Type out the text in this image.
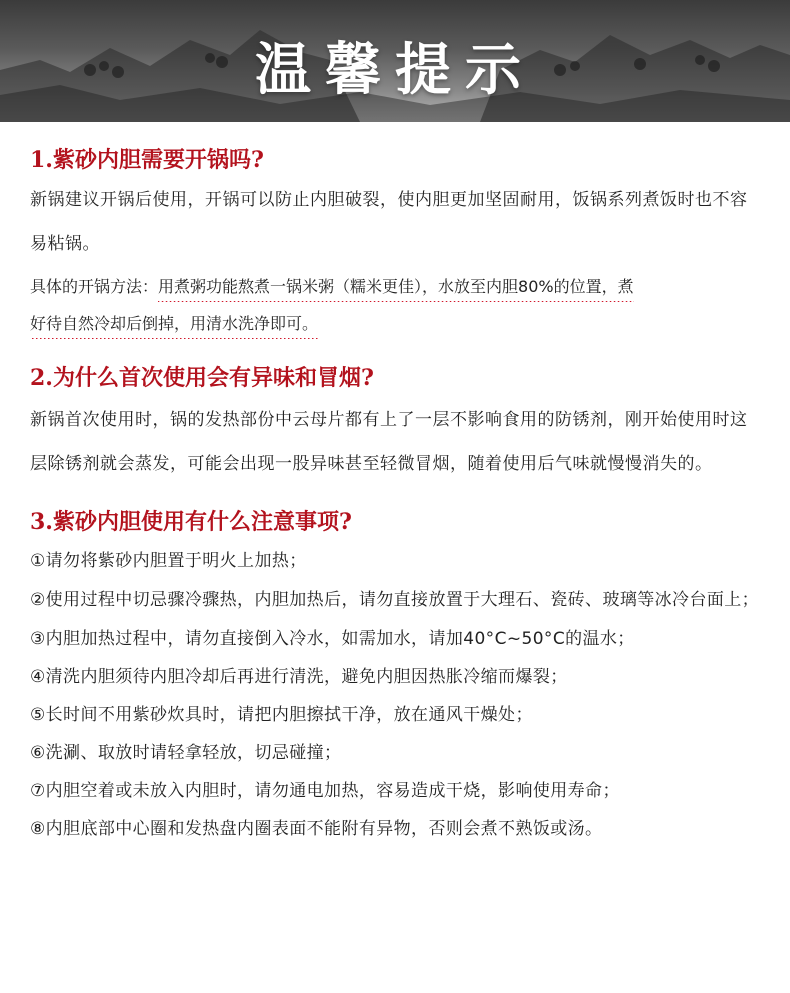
温馨提示
1.紫砂内胆需要开锅吗?

新锅建议开锅后使用，开锅可以防止内胆破裂，使内胆更加坚固耐用，饭锅系列煮饭时也不容易粘锅。

具体的开锅方法：用煮粥功能熬煮一锅米粥（糯米更佳），水放至内胆80%的位置，煮

好待自然冷却后倒掉，用清水洗净即可。

2.为什么首次使用会有异味和冒烟?

新锅首次使用时，锅的发热部份中云母片都有上了一层不影响食用的防锈剂，刚开始使用时这层除锈剂就会蒸发，可能会出现一股异味甚至轻微冒烟，随着使用后气味就慢慢消失的。

3.紫砂内胆使用有什么注意事项?

①请勿将紫砂内胆置于明火上加热；

②使用过程中切忌骤冷骤热，内胆加热后，请勿直接放置于大理石、瓷砖、玻璃等冰冷台面上；

③内胆加热过程中，请勿直接倒入冷水，如需加水，请加40°C~50°C的温水；

④清洗内胆须待内胆冷却后再进行清洗，避免内胆因热胀冷缩而爆裂；

⑤长时间不用紫砂炊具时，请把内胆擦拭干净，放在通风干燥处；

⑥洗涮、取放时请轻拿轻放，切忌碰撞；

⑦内胆空着或未放入内胆时，请勿通电加热，容易造成干烧，影响使用寿命；

⑧内胆底部中心圈和发热盘内圈表面不能附有异物，否则会煮不熟饭或汤。
